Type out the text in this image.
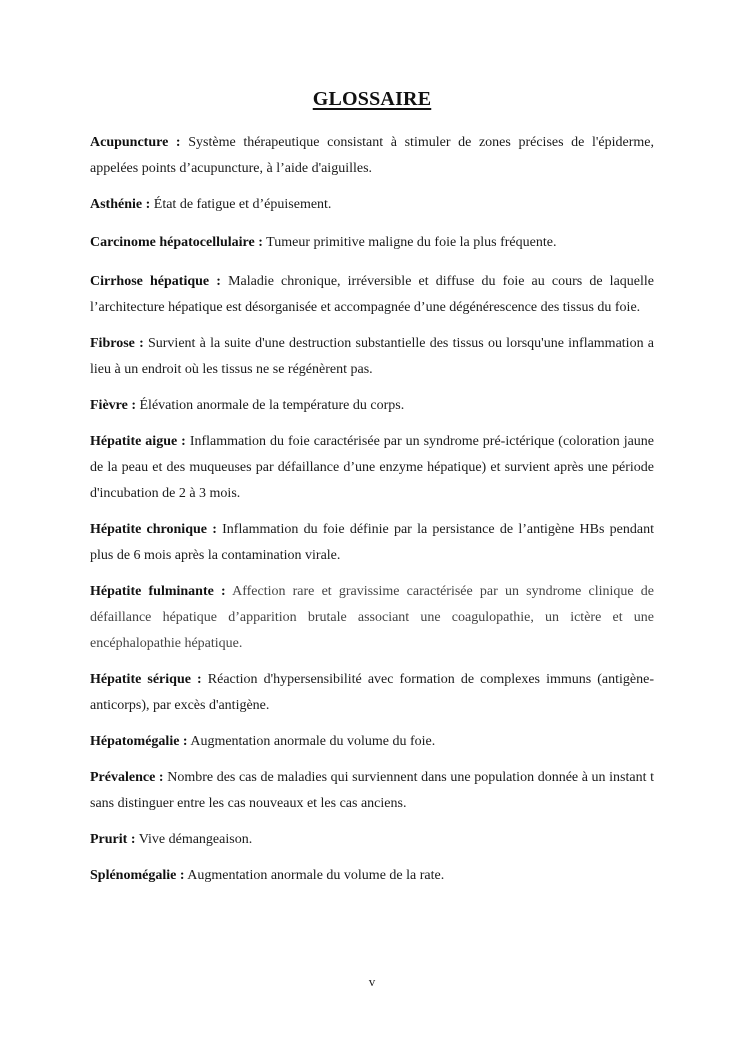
GLOSSAIRE

Acupuncture : Système thérapeutique consistant à stimuler de zones précises de l'épiderme, appelées points d’acupuncture, à l’aide d'aiguilles.

Asthénie : État de fatigue et d’épuisement.

Carcinome hépatocellulaire : Tumeur primitive maligne du foie la plus fréquente.

Cirrhose hépatique : Maladie chronique, irréversible et diffuse du foie au cours de laquelle l’architecture hépatique est désorganisée et accompagnée d’une dégénérescence des tissus du foie.

Fibrose : Survient à la suite d'une destruction substantielle des tissus ou lorsqu'une inflammation a lieu à un endroit où les tissus ne se régénèrent pas.

Fièvre : Élévation anormale de la température du corps.

Hépatite aigue : Inflammation du foie caractérisée par un syndrome pré-ictérique (coloration jaune de la peau et des muqueuses par défaillance d’une enzyme hépatique) et survient après une période d'incubation de 2 à 3 mois.

Hépatite chronique : Inflammation du foie définie par la persistance de l’antigène HBs pendant plus de 6 mois après la contamination virale.

Hépatite fulminante : Affection rare et gravissime caractérisée par un syndrome clinique de défaillance hépatique d’apparition brutale associant une coagulopathie, un ictère et une encéphalopathie hépatique.

Hépatite sérique : Réaction d'hypersensibilité avec formation de complexes immuns (antigène-anticorps), par excès d'antigène.

Hépatomégalie : Augmentation anormale du volume du foie.

Prévalence : Nombre des cas de maladies qui surviennent dans une population donnée à un instant t sans distinguer entre les cas nouveaux et les cas anciens.

Prurit : Vive démangeaison.

Splénomégalie : Augmentation anormale du volume de la rate.

v
